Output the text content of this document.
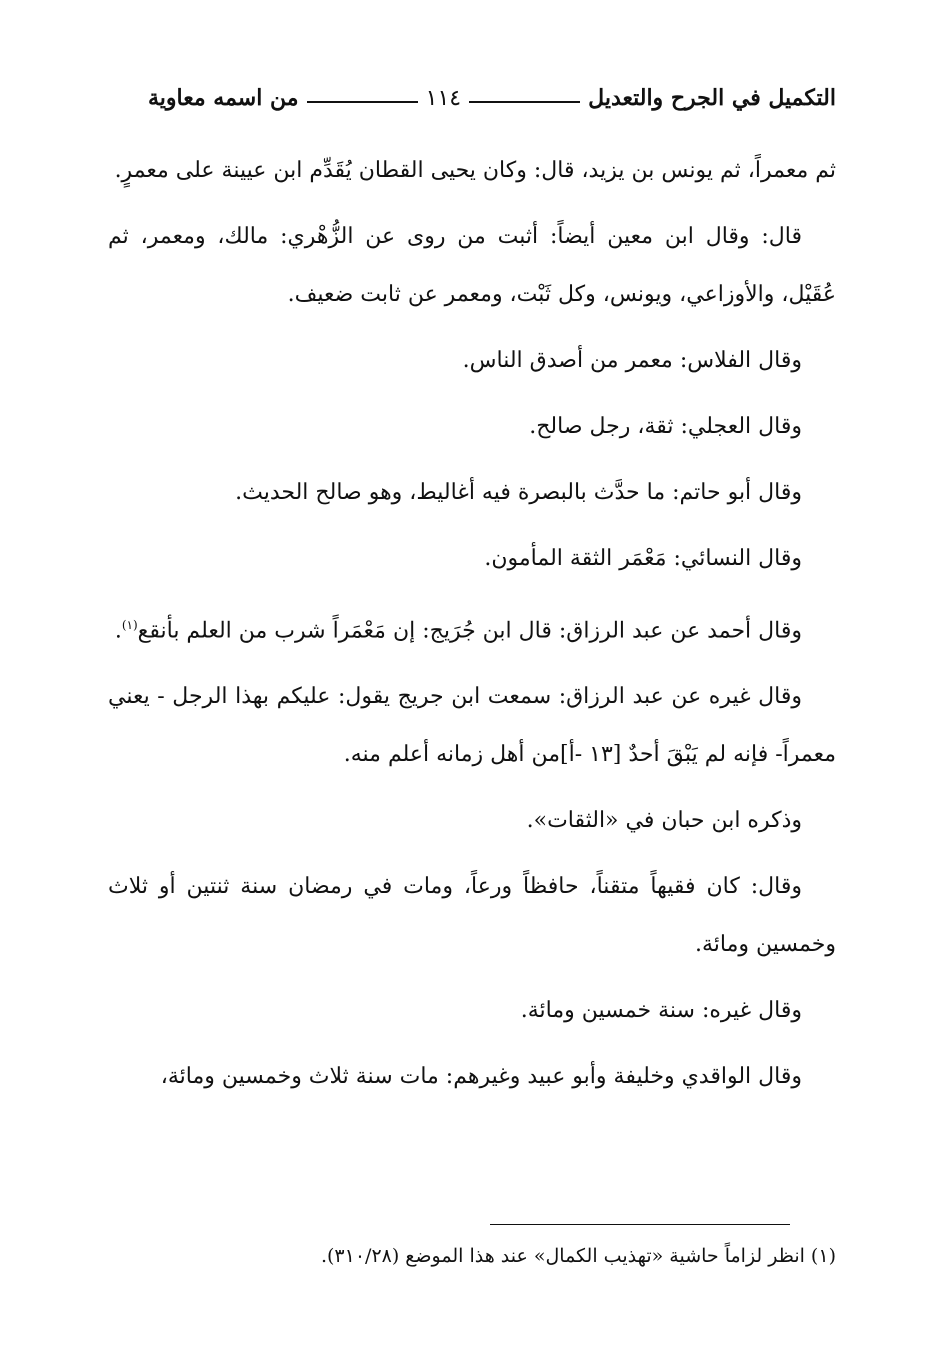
التكميل في الجرح والتعديل
١١٤
من اسمه معاوية

ثم معمراً، ثم يونس بن يزيد، قال: وكان يحيى القطان يُقَدِّم ابن عيينة على معمرٍ.

قال: وقال ابن معين أيضاً: أثبت من روى عن الزُّهْري: مالك، ومعمر، ثم عُقَيْل، والأوزاعي، ويونس، وكل ثَبْت، ومعمر عن ثابت ضعيف.

وقال الفلاس: معمر من أصدق الناس.

وقال العجلي: ثقة، رجل صالح.

وقال أبو حاتم: ما حدَّث بالبصرة فيه أغاليط، وهو صالح الحديث.

وقال النسائي: مَعْمَر الثقة المأمون.

وقال أحمد عن عبد الرزاق: قال ابن جُرَيج: إن مَعْمَراً شرب من العلم بأنقع$^{(١)}$.

وقال غيره عن عبد الرزاق: سمعت ابن جريج يقول: عليكم بهذا الرجل - يعني معمراً- فإنه لم يَبْقَ أحدٌ [١٣ -أ]من أهل زمانه أعلم منه.

وذكره ابن حبان في «الثقات».

وقال: كان فقيهاً متقناً، حافظاً ورعاً، ومات في رمضان سنة ثنتين أو ثلاث وخمسين ومائة.

وقال غيره: سنة خمسين ومائة.

وقال الواقدي وخليفة وأبو عبيد وغيرهم: مات سنة ثلاث وخمسين ومائة،

(١) انظر لزاماً حاشية «تهذيب الكمال» عند هذا الموضع (٣١٠/٢٨).
